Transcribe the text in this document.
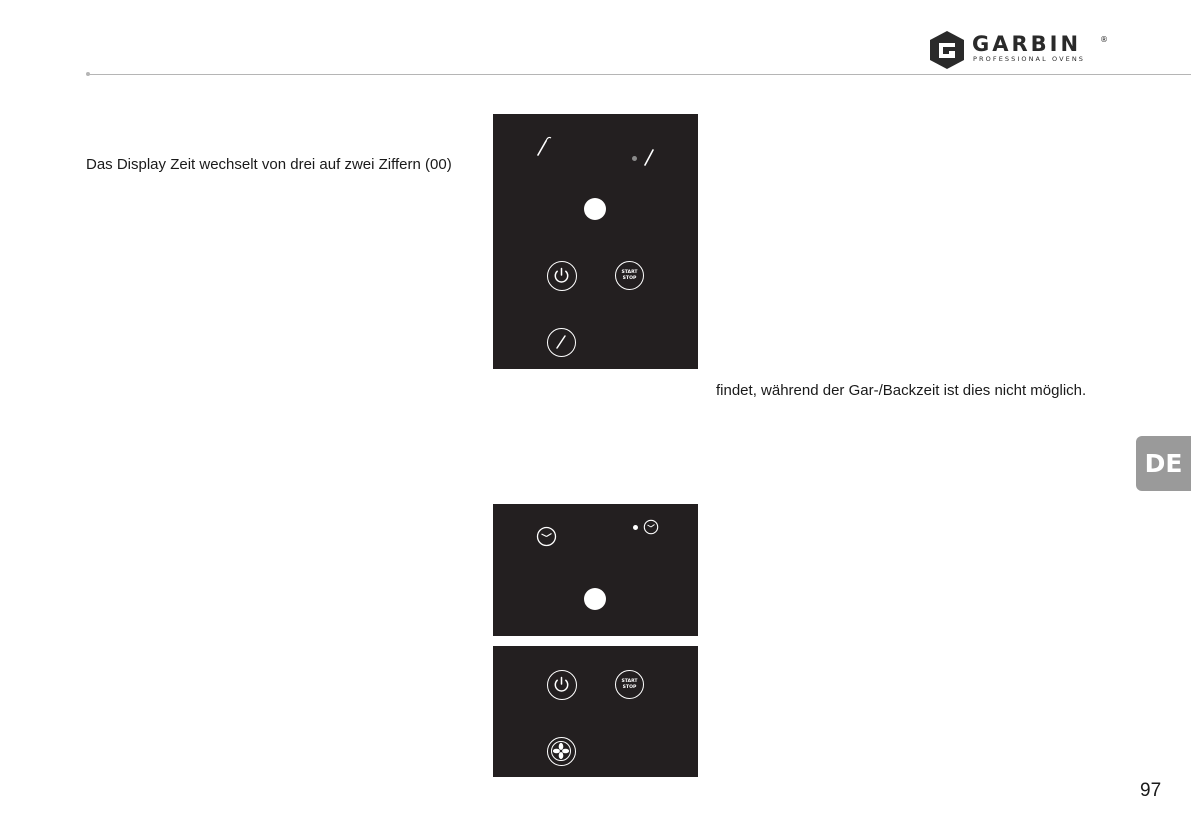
GARBIN ®
PROFESSIONAL OVENS
Das Display Zeit wechselt von drei auf zwei Ziffern (00)
findet, während der Gar-/Backzeit ist dies nicht möglich.
DE
97
START
STOP
START
STOP
